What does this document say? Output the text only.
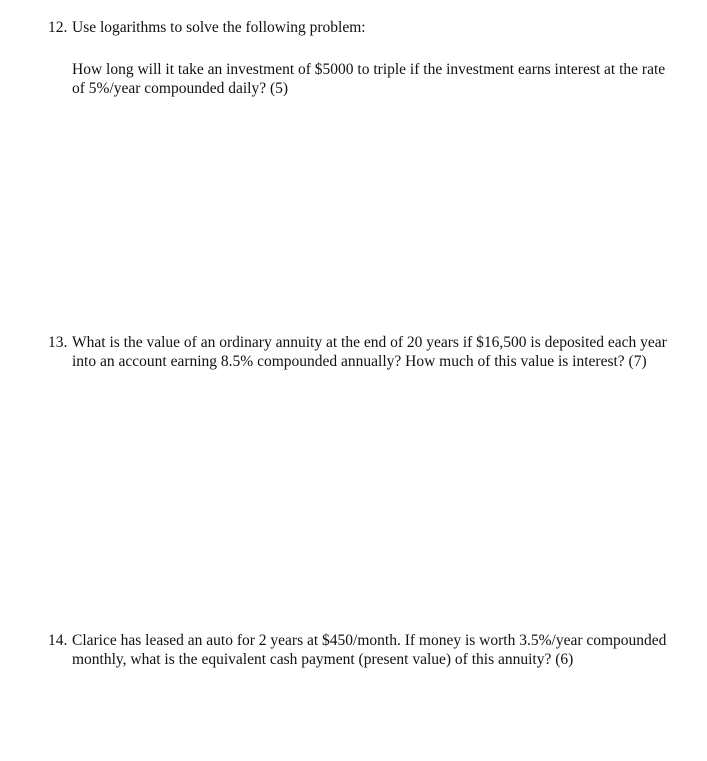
12. Use logarithms to solve the following problem:
How long will it take an investment of $5000 to triple if the investment earns interest at the rate
of 5%/year compounded daily? (5)
13. What is the value of an ordinary annuity at the end of 20 years if $16,500 is deposited each year
into an account earning 8.5% compounded annually? How much of this value is interest? (7)
14. Clarice has leased an auto for 2 years at $450/month. If money is worth 3.5%/year compounded
monthly, what is the equivalent cash payment (present value) of this annuity? (6)
